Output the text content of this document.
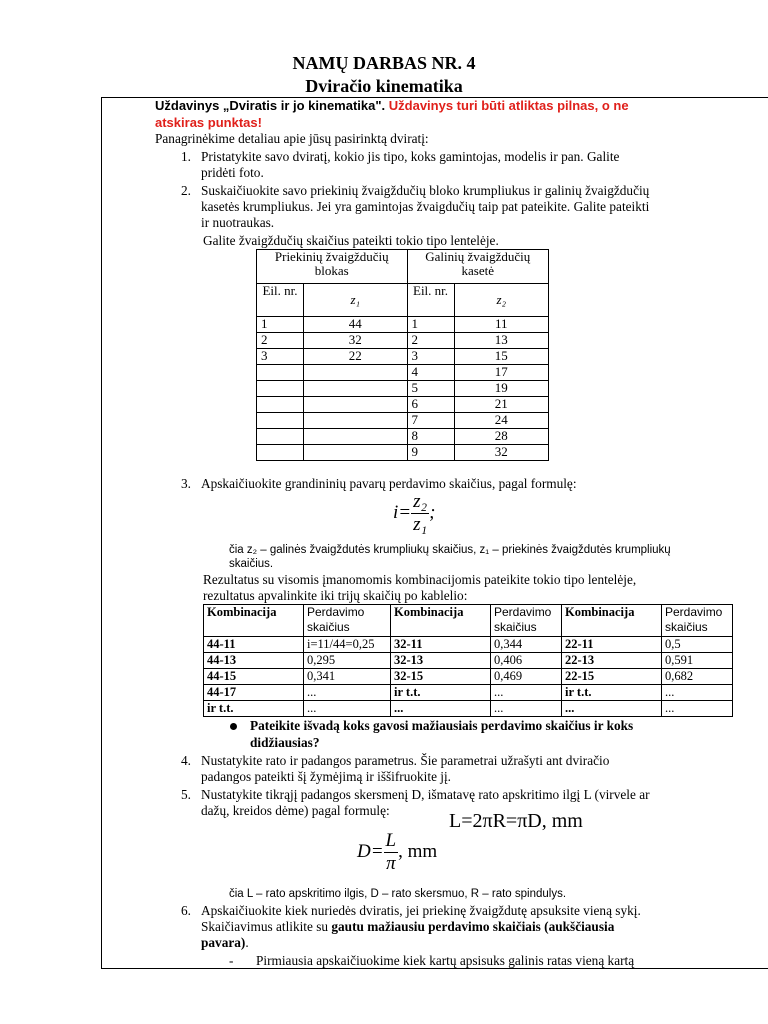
NAMŲ DARBAS NR. 4
Dviračio kinematika
Uždavinys „Dviratis ir jo kinematika". Uždavinys turi būti atliktas pilnas, o ne
atskiras punktas!
Panagrinėkime detaliau apie jūsų pasirinktą dviratį:
1. Pristatykite savo dviratį, kokio jis tipo, koks gamintojas, modelis ir pan. Galite
pridėti foto.
2. Suskaičiuokite savo priekinių žvaigždučių bloko krumpliukus ir galinių žvaigždučių
kasetės krumpliukus. Jei yra gamintojas žvaigdučių taip pat pateikite. Galite pateikti
ir nuotraukas.
Galite žvaigždučių skaičius pateikti tokio tipo lentelėje.
Priekinių žvaigždučių blokas		Galinių žvaigždučių kasetė	
Eil. nr.	z₁	Eil. nr.	z₂
1	44	1	11
2	32	2	13
3	22	3	15
		4	17
		5	19
		6	21
		7	24
		8	28
		9	32
3. Apskaičiuokite grandininių pavarų perdavimo skaičius, pagal formulę:
$i= \frac{\text{z₂}}{\text{z₁}}$ ;
čia z₂ – galinės žvaigždutės krumpliukų skaičius, z₁ – priekinės žvaigždutės krumpliukų
skaičius.
Rezultatus su visomis įmanomomis kombinacijomis pateikite tokio tipo lentelėje,
rezultatus apvalinkite iki trijų skaičių po kablelio:
Kombinacija	Perdavimo skaičius	Kombinacija	Perdavimo skaičius	Kombinacija	Perdavimo skaičius
44-11	i=11/44=0,25	32-11	0,344	22-11	0,5
44-13	0,295	32-13	0,406	22-13	0,591
44-15	0,341	32-15	0,469	22-15	0,682
44-17	...	ir t.t.	...	ir t.t.	...
ir t.t.	...	...	...	...	...
Pateikite išvadą koks gavosi mažiausiais perdavimo skaičius ir koks
didžiausias?
4. Nustatykite rato ir padangos parametrus. Šie parametrai užrašyti ant dviračio
padangos pateikti šį žymėjimą ir iššifruokite jį.
5. Nustatykite tikrąjį padangos skersmenį D, išmatavę rato apskritimo ilgį L (virvele ar
dažų, kreidos dėme) pagal formulę:	L=2πR=πD, mm
$D= \frac{L}{\pi}$ , mm
čia L – rato apskritimo ilgis, D – rato skersmuo, R – rato spindulys.
6. Apskaičiuokite kiek nuriedės dviratis, jei priekinę žvaigždutę apsuksite vieną sykį.
Skaičiavimus atlikite su gautu mažiausiu perdavimo skaičiais (aukščiausia
pavara).
- Pirmiausia apskaičiuokime kiek kartų apsisuks galinis ratas vieną kartą
